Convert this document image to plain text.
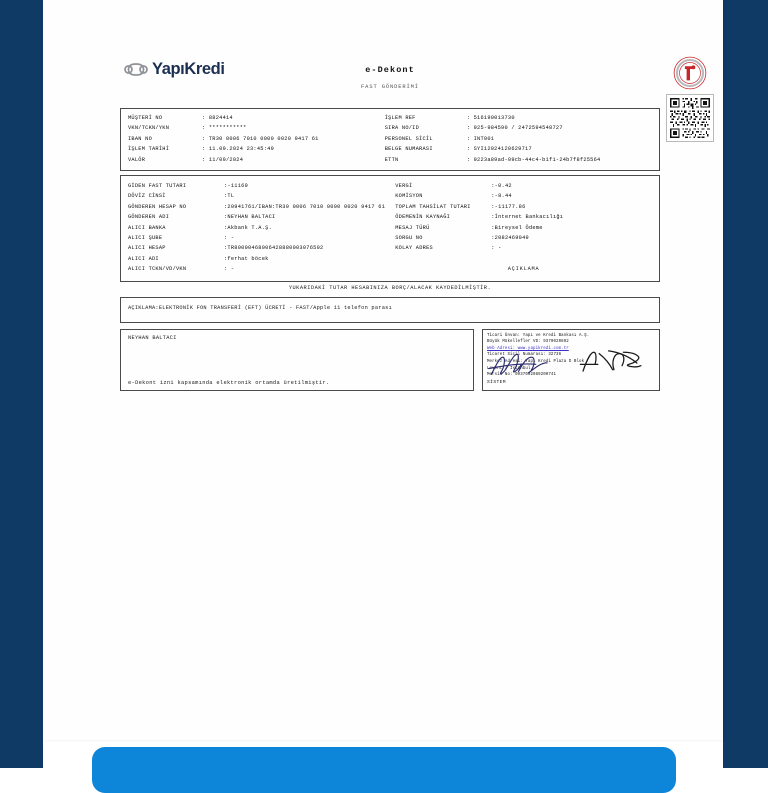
YapıKredi	e-Dekont
FAST GÖNDERİMİ
MÜŞTERİ NO	: 8824414
VKN/TCKN/YKN	: ***********
IBAN NO	: TR30 0006 7010 0000 0020 9417 61
İŞLEM TARİHİ	: 11.09.2024 23:45:49
VALÖR	: 11/09/2024
İŞLEM REF	: 516190013730
SIRA NO/ID	: 925-984590 / 2472594548727
PERSONEL SİCİL	: INT001
BELGE NUMARASI	: SYI12024120629717
ETTN	: 9223a89ad-09cb-44c4-b1f1-24b7f8f25564
GİDEN FAST TUTARI	:-11169
DÖVİZ CİNSİ	:TL
GÖNDEREN HESAP NO	:20941761/IBAN:TR30 0006 7010 0000 0020 9417 61
GÖNDEREN ADI	:NEYHAN BALTACI
ALICI BANKA	:Akbank T.A.Ş.
ALICI ŞUBE	: -
ALICI HESAP	:TR80000468006428880003076502
ALICI ADI	:ferhat böcek
ALICI TCKN/VD/VKN	: -
VERGİ	:-0.42
KOMİSYON	:-8.44
TOPLAM TAHSİLAT TUTARI	:-11177.86
ÖDEMENİN KAYNAĞI	:İnternet Bankacılığı
MESAJ TÜRÜ	:Bireysel Ödeme
SORGU NO	:2082469049
KOLAY ADRES	: -
AÇIKLAMA
YUKARIDAKİ TUTAR HESABINIZA BORÇ/ALACAK KAYDEDİLMİŞTİR.
AÇIKLAMA:ELEKTRONİK FON TRANSFERİ (EFT) ÜCRETİ - FAST/Apple 11 telefon parası
NEYHAN BALTACI
e-Dekont izni kapsamında elektronik ortamda üretilmiştir.
Ticari Ünvan: Yapı ve Kredi Bankası A.Ş.
Büyük Mükellefler VD: 9370020892
Web Adresi: www.yapikredi.com.tr
Ticaret Sicil Numarası: 32736
Merkez Adresi: Yapı Kredi Plaza D Blok
Levent / İstanbul
Mersis No: 0937002089200741
SİSTEM
